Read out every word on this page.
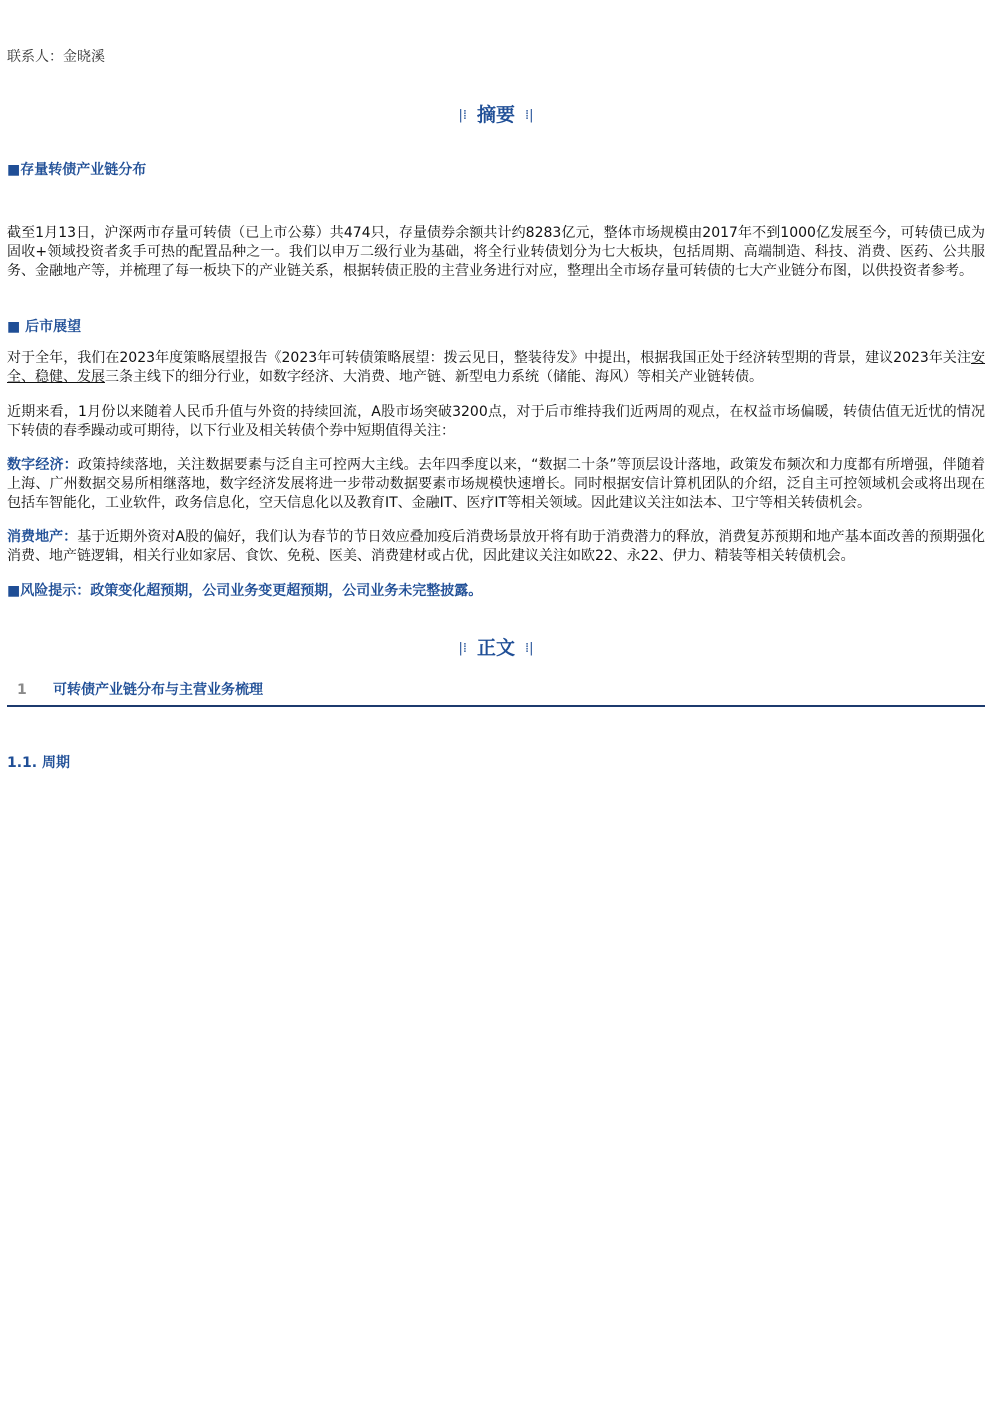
联系人：金晓溪
|⁞ 摘要 ⁞|
■存量转债产业链分布
截至1月13日，沪深两市存量可转债（已上市公募）共474只，存量债券余额共计约8283亿元，整体市场规模由2017年不到1000亿发展至今，可转债已成为固收+领域投资者炙手可热的配置品种之一。我们以申万二级行业为基础，将全行业转债划分为七大板块，包括周期、高端制造、科技、消费、医药、公共服务、金融地产等，并梳理了每一板块下的产业链关系，根据转债正股的主营业务进行对应，整理出全市场存量可转债的七大产业链分布图，以供投资者参考。
■ 后市展望
对于全年，我们在2023年度策略展望报告《2023年可转债策略展望：拨云见日，整装待发》中提出，根据我国正处于经济转型期的背景，建议2023年关注安全、稳健、发展三条主线下的细分行业，如数字经济、大消费、地产链、新型电力系统（储能、海风）等相关产业链转债。
近期来看，1月份以来随着人民币升值与外资的持续回流，A股市场突破3200点，对于后市维持我们近两周的观点，在权益市场偏暖，转债估值无近忧的情况下转债的春季躁动或可期待，以下行业及相关转债个券中短期值得关注：
数字经济：政策持续落地，关注数据要素与泛自主可控两大主线。去年四季度以来，“数据二十条”等顶层设计落地，政策发布频次和力度都有所增强，伴随着上海、广州数据交易所相继落地，数字经济发展将进一步带动数据要素市场规模快速增长。同时根据安信计算机团队的介绍，泛自主可控领域机会或将出现在包括车智能化，工业软件，政务信息化，空天信息化以及教育IT、金融IT、医疗IT等相关领域。因此建议关注如法本、卫宁等相关转债机会。
消费地产：基于近期外资对A股的偏好，我们认为春节的节日效应叠加疫后消费场景放开将有助于消费潜力的释放，消费复苏预期和地产基本面改善的预期强化消费、地产链逻辑，相关行业如家居、食饮、免税、医美、消费建材或占优，因此建议关注如欧22、永22、伊力、精装等相关转债机会。
■风险提示：政策变化超预期，公司业务变更超预期，公司业务未完整披露。
|⁞ 正文 ⁞|
1 可转债产业链分布与主营业务梳理
1.1. 周期
